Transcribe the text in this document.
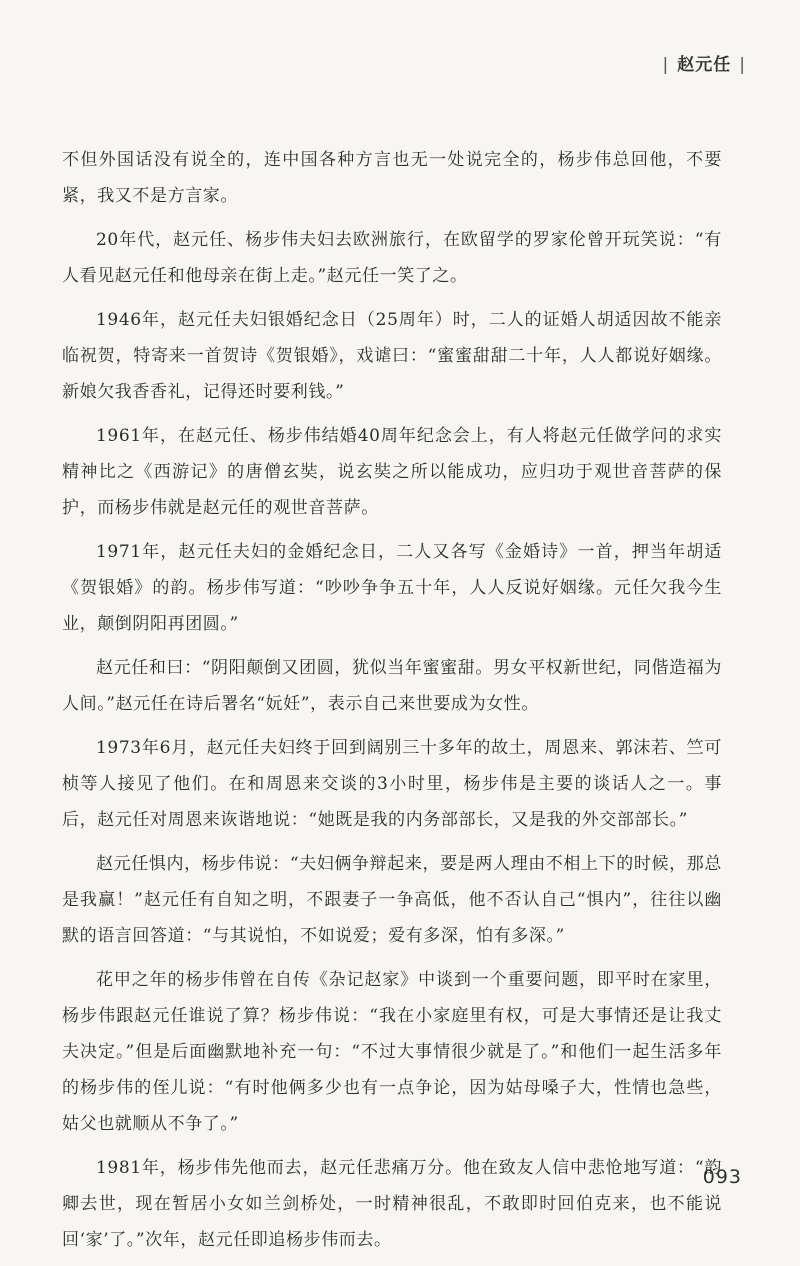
| 赵元任 |

不但外国话没有说全的，连中国各种方言也无一处说完全的，杨步伟总回他，不要紧，我又不是方言家。

20年代，赵元任、杨步伟夫妇去欧洲旅行，在欧留学的罗家伦曾开玩笑说：“有人看见赵元任和他母亲在街上走。”赵元任一笑了之。

1946年，赵元任夫妇银婚纪念日（25周年）时，二人的证婚人胡适因故不能亲临祝贺，特寄来一首贺诗《贺银婚》，戏谑曰：“蜜蜜甜甜二十年，人人都说好姻缘。新娘欠我香香礼，记得还时要利钱。”

1961年，在赵元任、杨步伟结婚40周年纪念会上，有人将赵元任做学问的求实精神比之《西游记》的唐僧玄奘，说玄奘之所以能成功，应归功于观世音菩萨的保护，而杨步伟就是赵元任的观世音菩萨。

1971年，赵元任夫妇的金婚纪念日，二人又各写《金婚诗》一首，押当年胡适《贺银婚》的韵。杨步伟写道：“吵吵争争五十年，人人反说好姻缘。元任欠我今生业，颠倒阴阳再团圆。”

赵元任和曰：“阴阳颠倒又团圆，犹似当年蜜蜜甜。男女平权新世纪，同偕造福为人间。”赵元任在诗后署名“妧妊”，表示自己来世要成为女性。

1973年6月，赵元任夫妇终于回到阔别三十多年的故土，周恩来、郭沫若、竺可桢等人接见了他们。在和周恩来交谈的3小时里，杨步伟是主要的谈话人之一。事后，赵元任对周恩来诙谐地说：“她既是我的内务部部长，又是我的外交部部长。”

赵元任惧内，杨步伟说：“夫妇俩争辩起来，要是两人理由不相上下的时候，那总是我赢！”赵元任有自知之明，不跟妻子一争高低，他不否认自己“惧内”，往往以幽默的语言回答道：“与其说怕，不如说爱；爱有多深，怕有多深。”

花甲之年的杨步伟曾在自传《杂记赵家》中谈到一个重要问题，即平时在家里，杨步伟跟赵元任谁说了算？杨步伟说：“我在小家庭里有权，可是大事情还是让我丈夫决定。”但是后面幽默地补充一句：“不过大事情很少就是了。”和他们一起生活多年的杨步伟的侄儿说：“有时他俩多少也有一点争论，因为姑母嗓子大，性情也急些，姑父也就顺从不争了。”

1981年，杨步伟先他而去，赵元任悲痛万分。他在致友人信中悲怆地写道：“韵卿去世，现在暂居小女如兰剑桥处，一时精神很乱，不敢即时回伯克来，也不能说回‘家’了。”次年，赵元任即追杨步伟而去。

093
